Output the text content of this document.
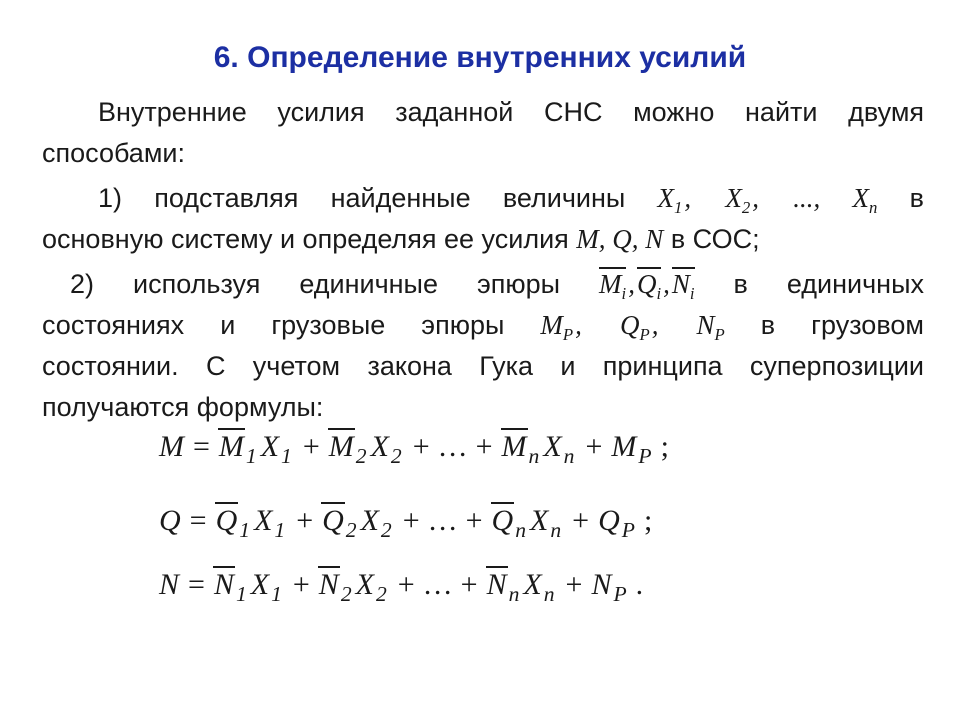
6. Определение внутренних усилий
Внутренние усилия заданной СНС можно найти двумя
способами:
1) подставляя найденные величины $X_1$, $X_2$, ..., $X_n$ в
основную систему и определяя ее усилия M, Q, N в СОС;
2) используя единичные эпюры $M_i,Q_i,N_i$ в единичных
состояниях и грузовые эпюры $M_P$, $Q_P$, $N_P$ в грузовом
состоянии. С учетом закона Гука и принципа суперпозиции
получаются формулы:
$M = M_1$ $X_1 + M_2$ $X_2$ + … + $M_n$ $X_n + M_P$ ;
$Q = Q_1$ $X_1 + Q_2$ $X_2$ + … + $Q_n$ $X_n + Q_P$ ;
$N = N_1$ $X_1 + N_2$ $X_2$ + … + $N_n$ $X_n + N_P$ .
